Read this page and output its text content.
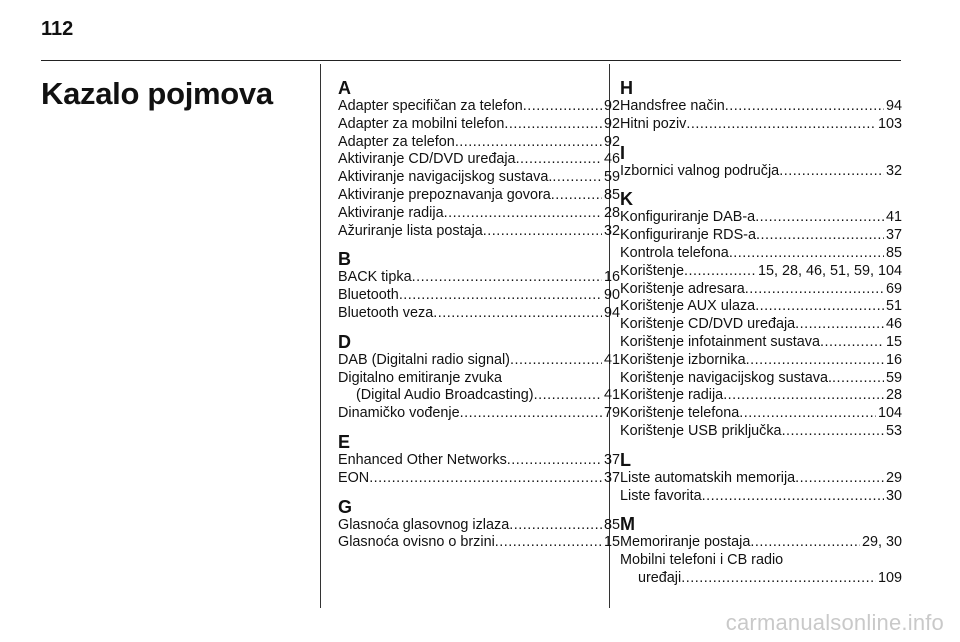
112
Kazalo pojmova	A
Adapter specifičan za telefon .....	92
Adapter za mobilni telefon .....	92
Adapter za telefon .....	92
Aktiviranje CD/DVD uređaja .....	46
Aktiviranje navigacijskog sustava. .....	59
Aktiviranje prepoznavanja govora .....	85
Aktiviranje radija .....	28
Ažuriranje lista postaja .....	32
B
BACK tipka .....	16
Bluetooth .....	90
Bluetooth veza .....	94
D
DAB (Digitalni radio signal) .....	41
Digitalno emitiranje zvuka
(Digital Audio Broadcasting) .....	41
Dinamičko vođenje .....	79
E
Enhanced Other Networks .....	37
EON .....	37
G
Glasnoća glasovnog izlaza .....	85
Glasnoća ovisno o brzini .....	15
H
Handsfree način .....	94
Hitni poziv .....	103
I
Izbornici valnog područja .....	32
K
Konfiguriranje DAB-a .....	41
Konfiguriranje RDS-a .....	37
Kontrola telefona .....	85
Korištenje .....	15, 28, 46, 51, 59, 104
Korištenje adresara .....	69
Korištenje AUX ulaza .....	51
Korištenje CD/DVD uređaja .....	46
Korištenje infotainment sustava .....	15
Korištenje izbornika .....	16
Korištenje navigacijskog sustava. .....	59
Korištenje radija .....	28
Korištenje telefona .....	104
Korištenje USB priključka .....	53
L
Liste automatskih memorija .....	29
Liste favorita .....	30
M
Memoriranje postaja .....	29, 30
Mobilni telefoni i CB radio
uređaji .....	109
carmanualsonline.info
